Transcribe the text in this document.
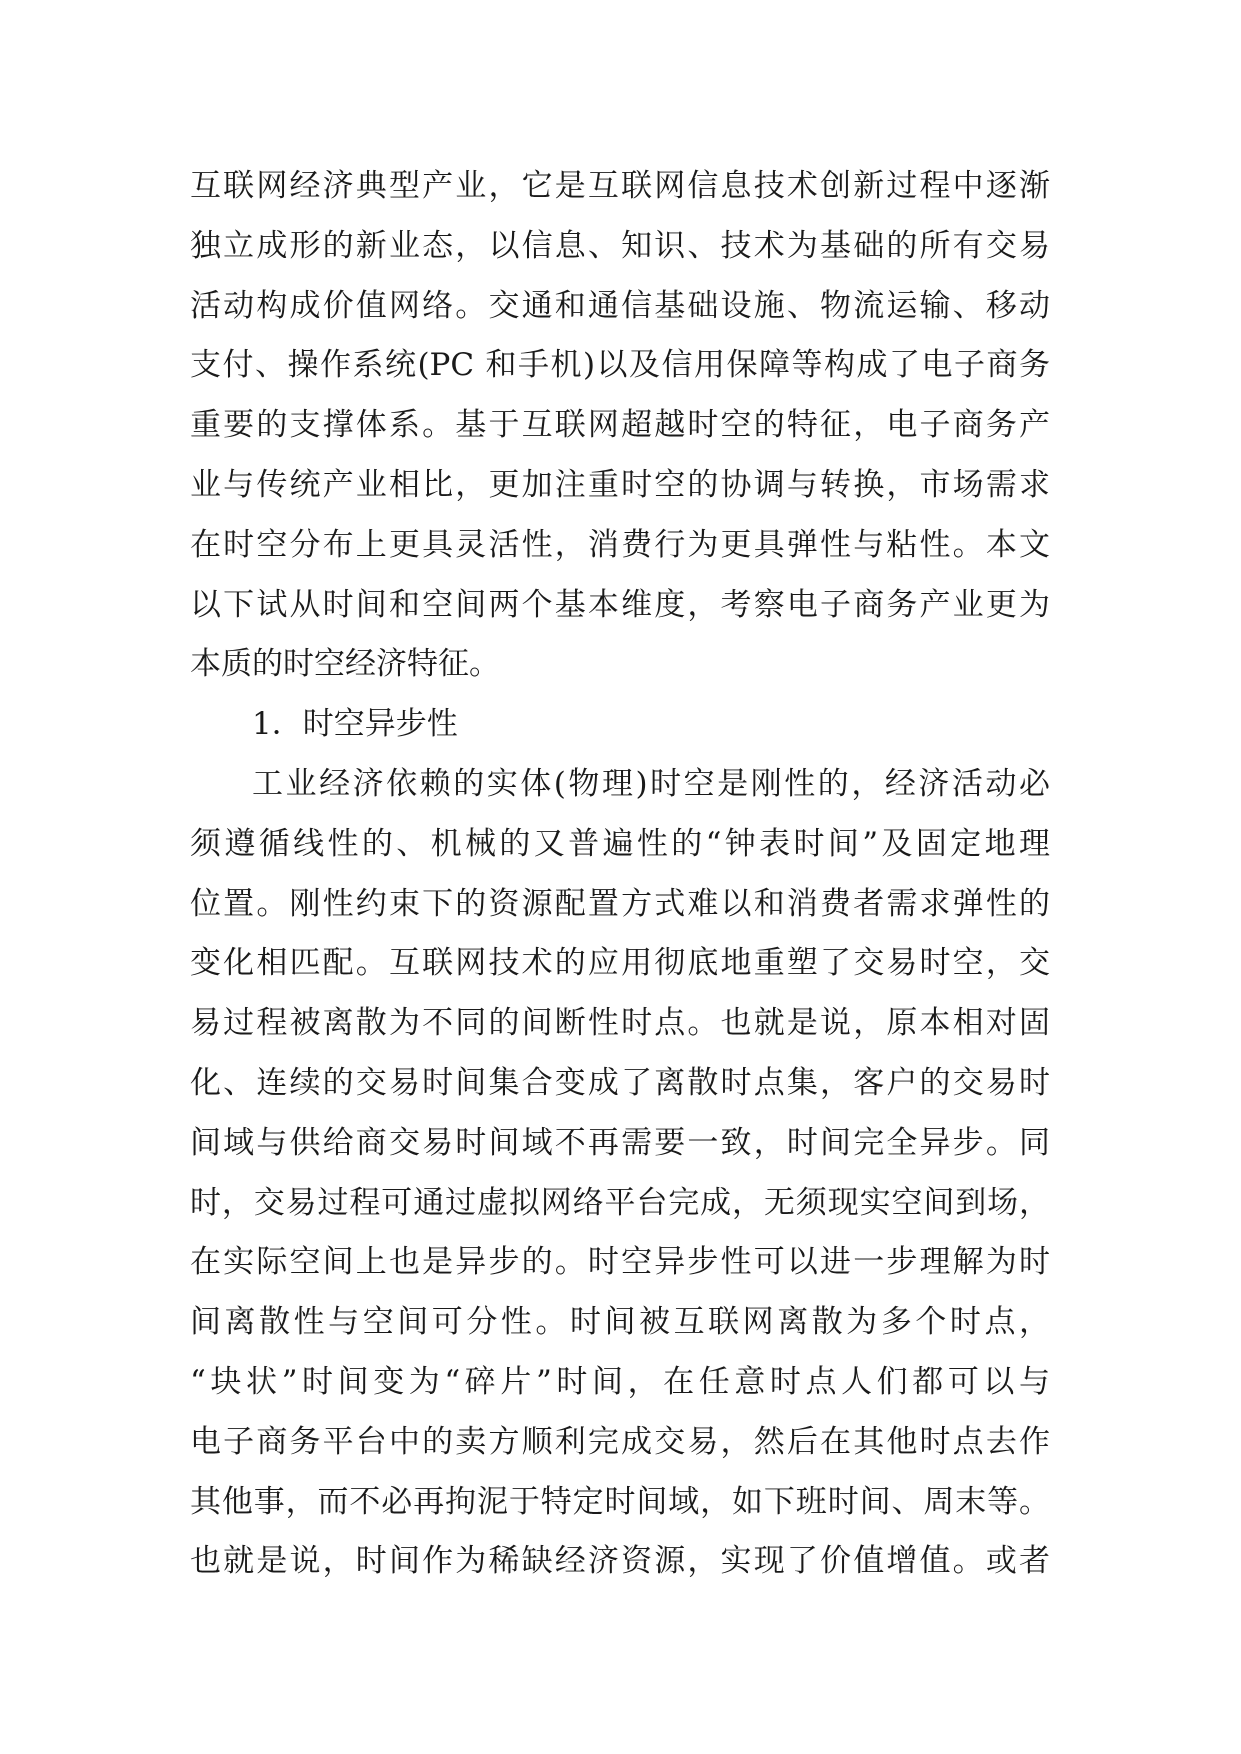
互联网经济典型产业，它是互联网信息技术创新过程中逐渐
独立成形的新业态，以信息、知识、技术为基础的所有交易
活动构成价值网络。交通和通信基础设施、物流运输、移动
支付、操作系统(PC 和手机)以及信用保障等构成了电子商务
重要的支撑体系。基于互联网超越时空的特征，电子商务产
业与传统产业相比，更加注重时空的协调与转换，市场需求
在时空分布上更具灵活性，消费行为更具弹性与粘性。本文
以下试从时间和空间两个基本维度，考察电子商务产业更为
本质的时空经济特征。
1．时空异步性
工业经济依赖的实体(物理)时空是刚性的，经济活动必
须遵循线性的、机械的又普遍性的“钟表时间”及固定地理
位置。刚性约束下的资源配置方式难以和消费者需求弹性的
变化相匹配。互联网技术的应用彻底地重塑了交易时空，交
易过程被离散为不同的间断性时点。也就是说，原本相对固
化、连续的交易时间集合变成了离散时点集，客户的交易时
间域与供给商交易时间域不再需要一致，时间完全异步。同
时，交易过程可通过虚拟网络平台完成，无须现实空间到场，
在实际空间上也是异步的。时空异步性可以进一步理解为时
间离散性与空间可分性。时间被互联网离散为多个时点，
“块状”时间变为“碎片”时间，在任意时点人们都可以与
电子商务平台中的卖方顺利完成交易，然后在其他时点去作
其他事，而不必再拘泥于特定时间域，如下班时间、周末等。
也就是说，时间作为稀缺经济资源，实现了价值增值。或者
